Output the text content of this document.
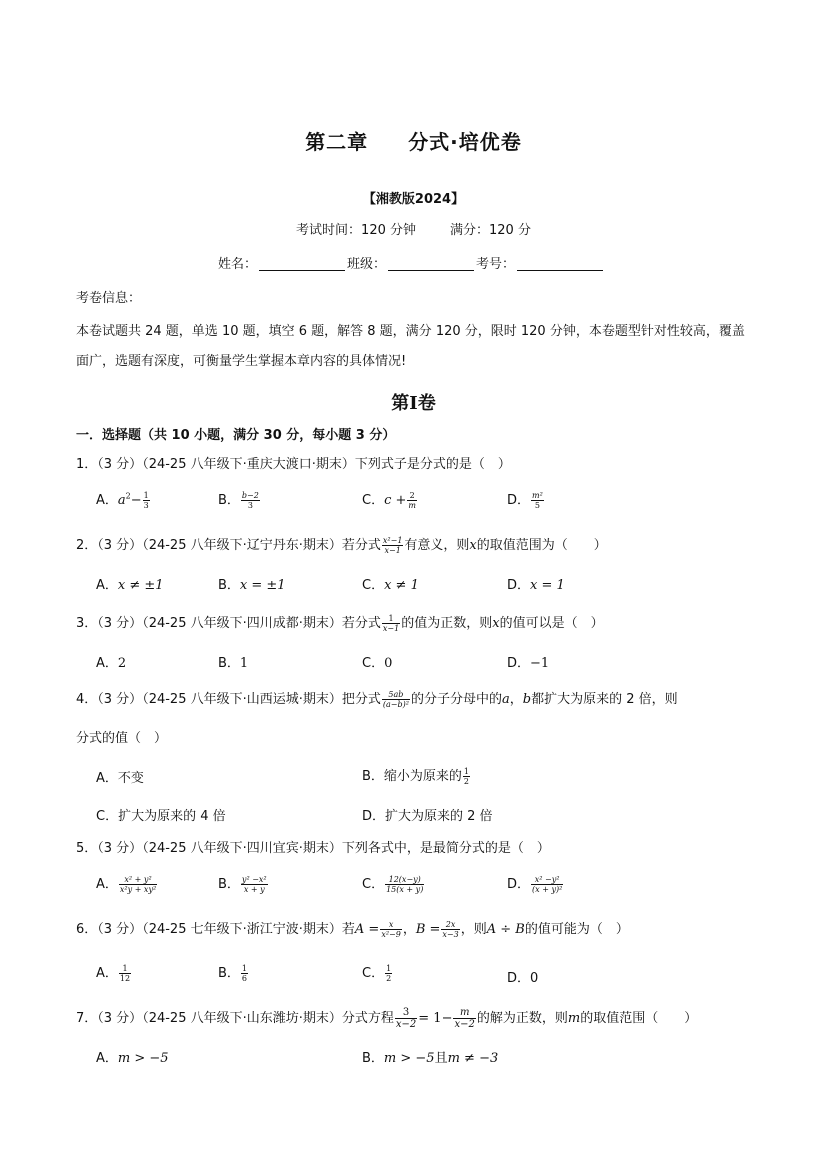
第二章 分式·培优卷
【湘教版2024】
考试时间：120 分钟	满分：120 分
姓名：	班级：	考号：
考卷信息：
本卷试题共 24 题，单选 10 题，填空 6 题，解答 8 题，满分 120 分，限时 120 分钟，本卷题型针对性较高，覆盖面广，选题有深度，可衡量学生掌握本章内容的具体情况!
第Ⅰ卷
一．选择题（共 10 小题，满分 30 分，每小题 3 分）
1．（3 分）（24-25 八年级下·重庆大渡口·期末）下列式子是分式的是（　）
A．$a^2- \frac{1}{3}$	B． $\frac{b-2}{3}$	C．$c + \frac{2}{m}$	D． $\frac{\text{m²}}{5}$
2．（3 分）（24-25 八年级下·辽宁丹东·期末）若分式 $\frac{\text{x²−1}}{x-1}$ 有意义，则x的取值范围为（　　）
A．x ≠ ±1	B．x = ±1	C．x ≠ 1	D．x = 1
3．（3 分）（24-25 八年级下·四川成都·期末）若分式 $\frac{1}{x-1}$ 的值为正数，则x的值可以是（　）
A．2	B．1	C．0	D．−1
4．（3 分）（24-25 八年级下·山西运城·期末）把分式 $\frac{5ab}{\text{(a−b)²}}$ 的分子分母中的a，b都扩大为原来的 2 倍，则
分式的值（　）
A．不变	B．缩小为原来的 $\frac{1}{2}$
C．扩大为原来的 4 倍	D．扩大为原来的 2 倍
5．（3 分）（24-25 八年级下·四川宜宾·期末）下列各式中，是最简分式的是（　）
A． $\frac{\text{x² + y²}}{\text{x²y + xy²}}$	B． $\frac{\text{y² −x²}}{x + y}$	C． $\frac{12(x-y)}{15(x + y)}$	D． $\frac{\text{x² −y²}}{\text{(x + y)²}}$
6．（3 分）（24-25 七年级下·浙江宁波·期末）若$A = \frac{x}{\text{x²−9}}$ ，$B = \frac{2x}{x-3}$ ，则A ÷ B的值可能为（　）
A． $\frac{1}{12}$	B． $\frac{1}{6}$	C． $\frac{1}{2}$	D．0
7．（3 分）（24-25 八年级下·山东潍坊·期末）分式方程 $\frac{3}{x-2} = 1- \frac{m}{x-2}$ 的解为正数，则m的取值范围（　　）
A．m > −5	B．m > −5且m ≠ −3
